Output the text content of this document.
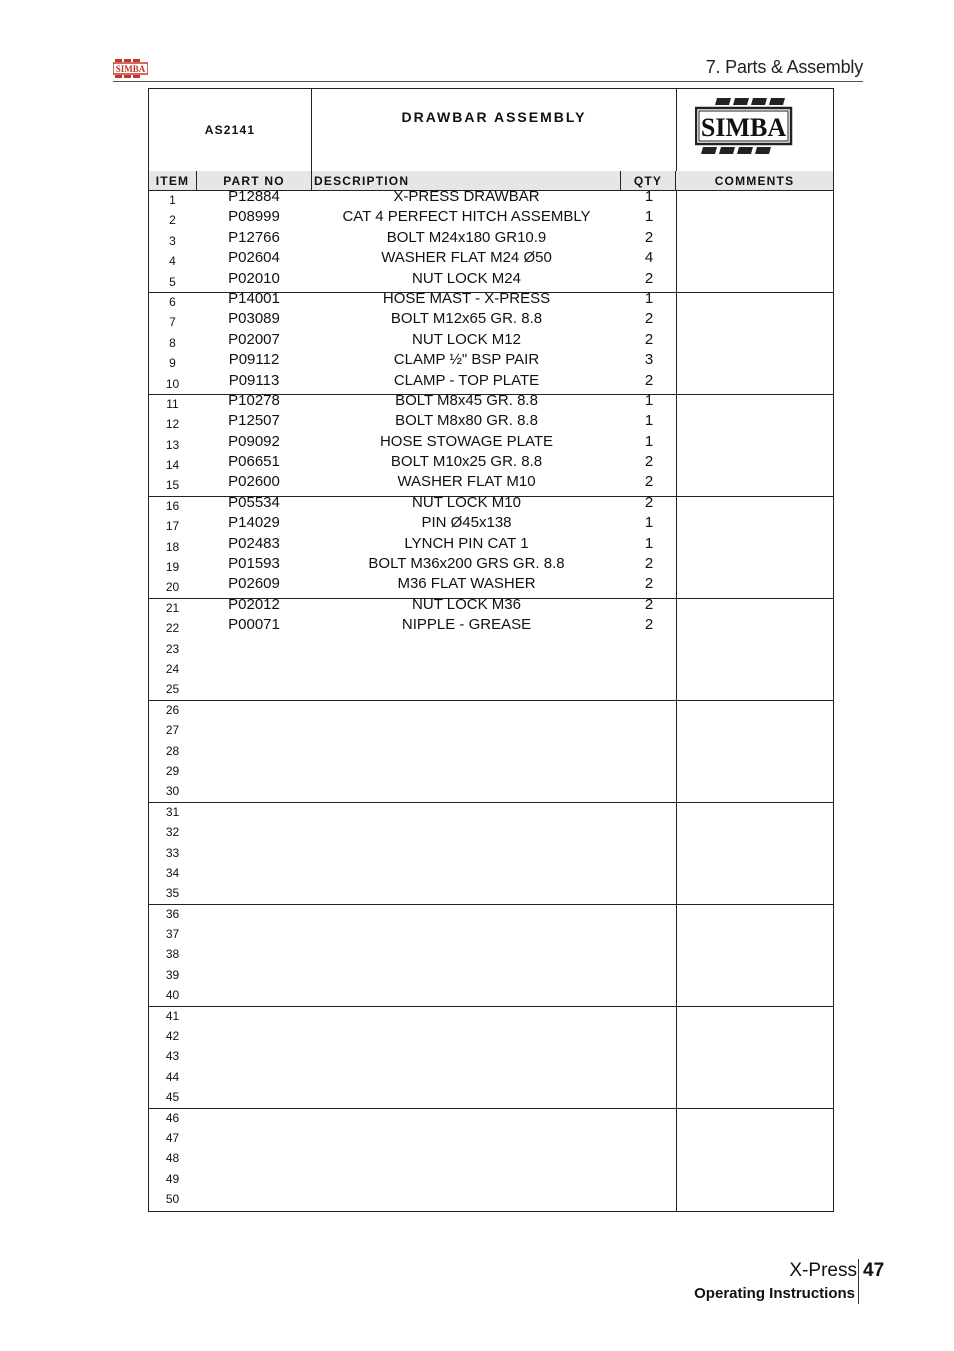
SIMBA	7. Parts & Assembly
AS2141
DRAWBAR ASSEMBLY	SIMBA
ITEM	PART NO	DESCRIPTION	QTY	COMMENTS
1	P12884	X-PRESS DRAWBAR	1
2	P08999	CAT 4 PERFECT HITCH ASSEMBLY	1
3	P12766	BOLT M24x180 GR10.9	2
4	P02604	WASHER FLAT M24 Ø50	4
5	P02010	NUT LOCK M24	2
6	P14001	HOSE MAST - X-PRESS	1
7	P03089	BOLT M12x65 GR. 8.8	2
8	P02007	NUT LOCK M12	2
9	P09112	CLAMP ½" BSP PAIR	3
10	P09113	CLAMP - TOP PLATE	2
11	P10278	BOLT M8x45 GR. 8.8	1
12	P12507	BOLT M8x80 GR. 8.8	1
13	P09092	HOSE STOWAGE PLATE	1
14	P06651	BOLT M10x25 GR. 8.8	2
15	P02600	WASHER FLAT M10	2
16	P05534	NUT LOCK M10	2
17	P14029	PIN Ø45x138	1
18	P02483	LYNCH PIN CAT 1	1
19	P01593	BOLT M36x200 GRS GR. 8.8	2
20	P02609	M36 FLAT WASHER	2
21	P02012	NUT LOCK M36	2
22	P00071	NIPPLE - GREASE	2
23
24
25
26
27
28
29
30
31
32
33
34
35
36
37
38
39
40
41
42
43
44
45
46
47
48
49
50
X-Press 47
Operating Instructions
